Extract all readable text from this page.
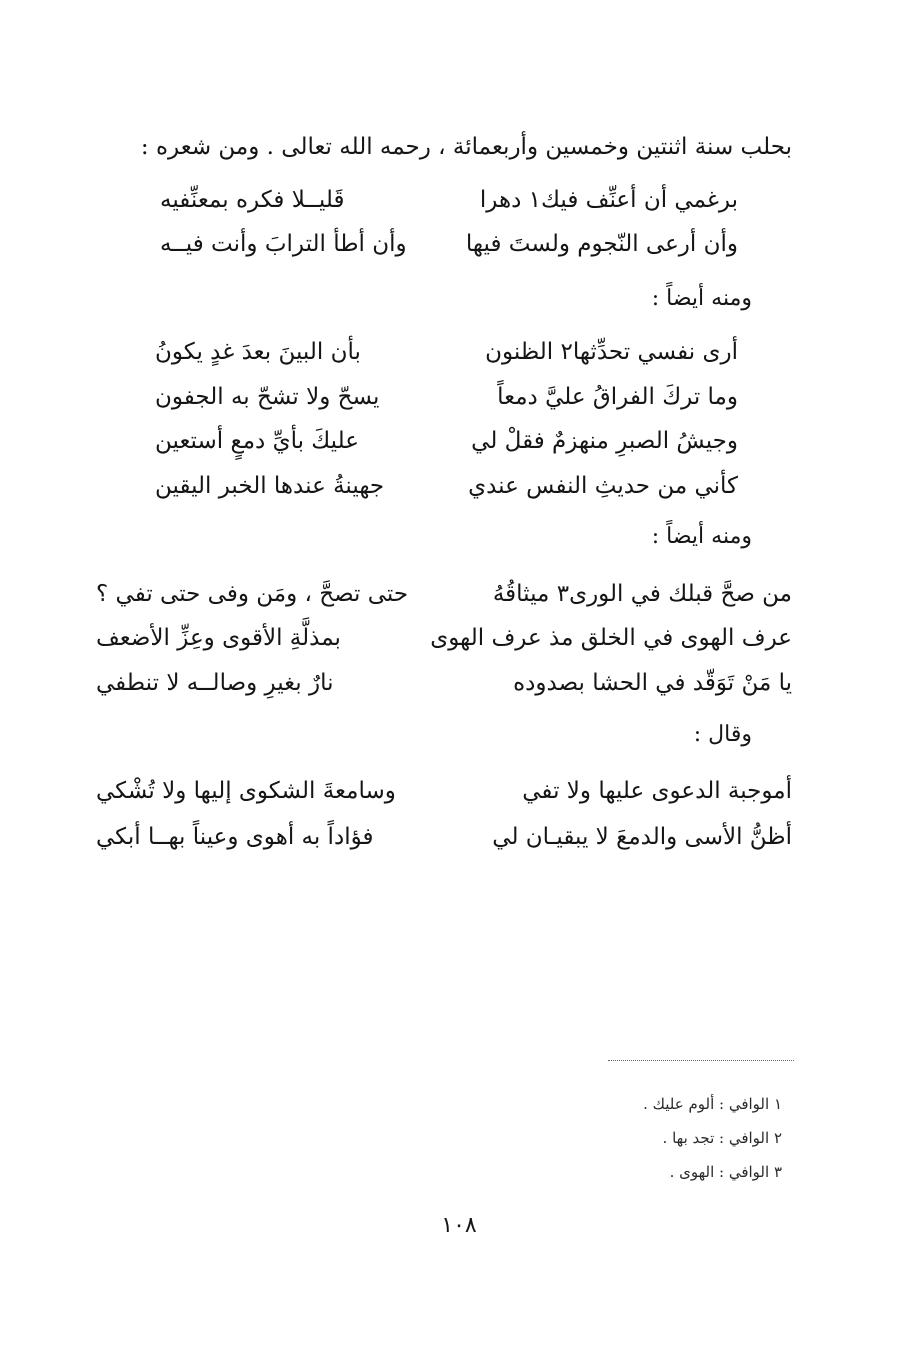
بحلب سنة اثنتين وخمسين وأربعمائة ، رحمه الله تعالى . ومن شعره :
برغمي أن أعنِّف فيك١ دهرا
قَليــلا فكره بمعنِّفيه
وأن أرعى النّجوم ولستَ فيها
وأن أطأ الترابَ وأنت فيــه
ومنه أيضاً :
أرى نفسي تحدِّثها٢ الظنون
بأن البينَ بعدَ غدٍ يكونُ
وما تركَ الفراقُ عليَّ دمعاً
يسحّ ولا تشحّ به الجفون
وجيشُ الصبرِ منهزمٌ فقلْ لي
عليكَ بأيِّ دمعٍ أستعين
كأني من حديثِ النفس عندي
جهينةُ عندها الخبر اليقين
ومنه أيضاً :
من صحَّ قبلك في الورى٣ ميثاقُهُ
حتى تصحَّ ، ومَن وفى حتى تفي ؟
عرف الهوى في الخلق مذ عرف الهوى
بمذلَّةِ الأقوى وعِزِّ الأضعف
يا مَنْ تَوَقّد في الحشا بصدوده
نارٌ بغيرِ وصالــه لا تنطفي
وقال :
أموجبة الدعوى عليها ولا تفي
وسامعةَ الشكوى إليها ولا تُشْكي
أظنُّ الأسى والدمعَ لا يبقيـان لي
فؤاداً به أهوى وعيناً بهــا أبكي
١ الوافي : ألوم عليك .
٢ الوافي : تجد بها .
٣ الوافي : الهوى .
١٠٨
